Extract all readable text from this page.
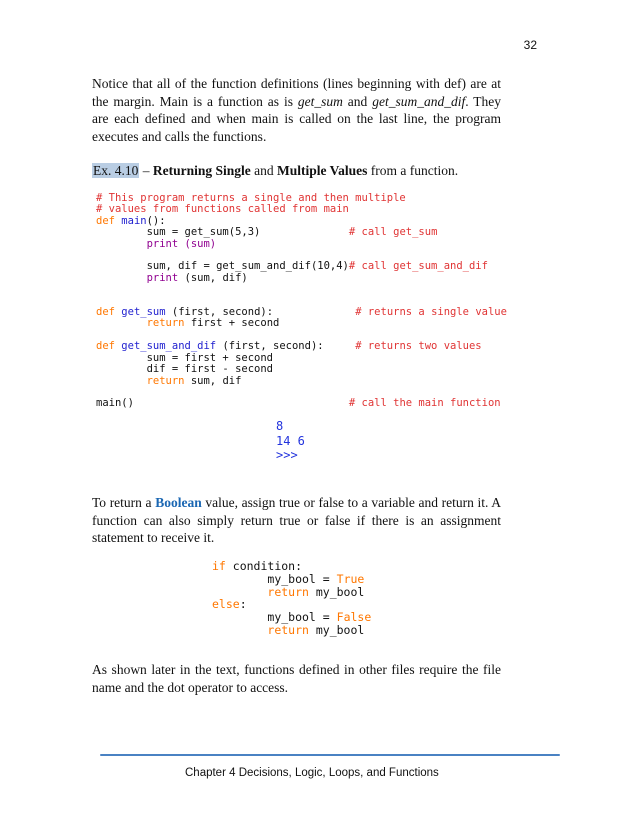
32

Notice that all of the function definitions (lines beginning with def) are at the margin. Main is a function as is get_sum and get_sum_and_dif. They are each defined and when main is called on the last line, the program executes and calls the functions.

Ex. 4.10 – Returning Single and Multiple Values from a function.
# This program returns a single and then multiple
# values from functions called from main
def main():
sum = get_sum(5,3)	# call get_sum
print (sum)

sum, dif = get_sum_and_dif(10,4)# call get_sum_and_dif
print (sum, dif)

def get_sum (first, second):	# returns a single value
return first + second

def get_sum_and_dif (first, second):	# returns two values
sum = first + second
dif = first - second
return sum, dif

main()	# call the main function
8
14 6
>>>

To return a Boolean value, assign true or false to a variable and return it. A function can also simply return true or false if there is an assignment statement to receive it.

if condition:
my_bool = True
return my_bool
else:
my_bool = False
return my_bool

As shown later in the text, functions defined in other files require the file name and the dot operator to access.

Chapter 4 Decisions, Logic, Loops, and Functions
